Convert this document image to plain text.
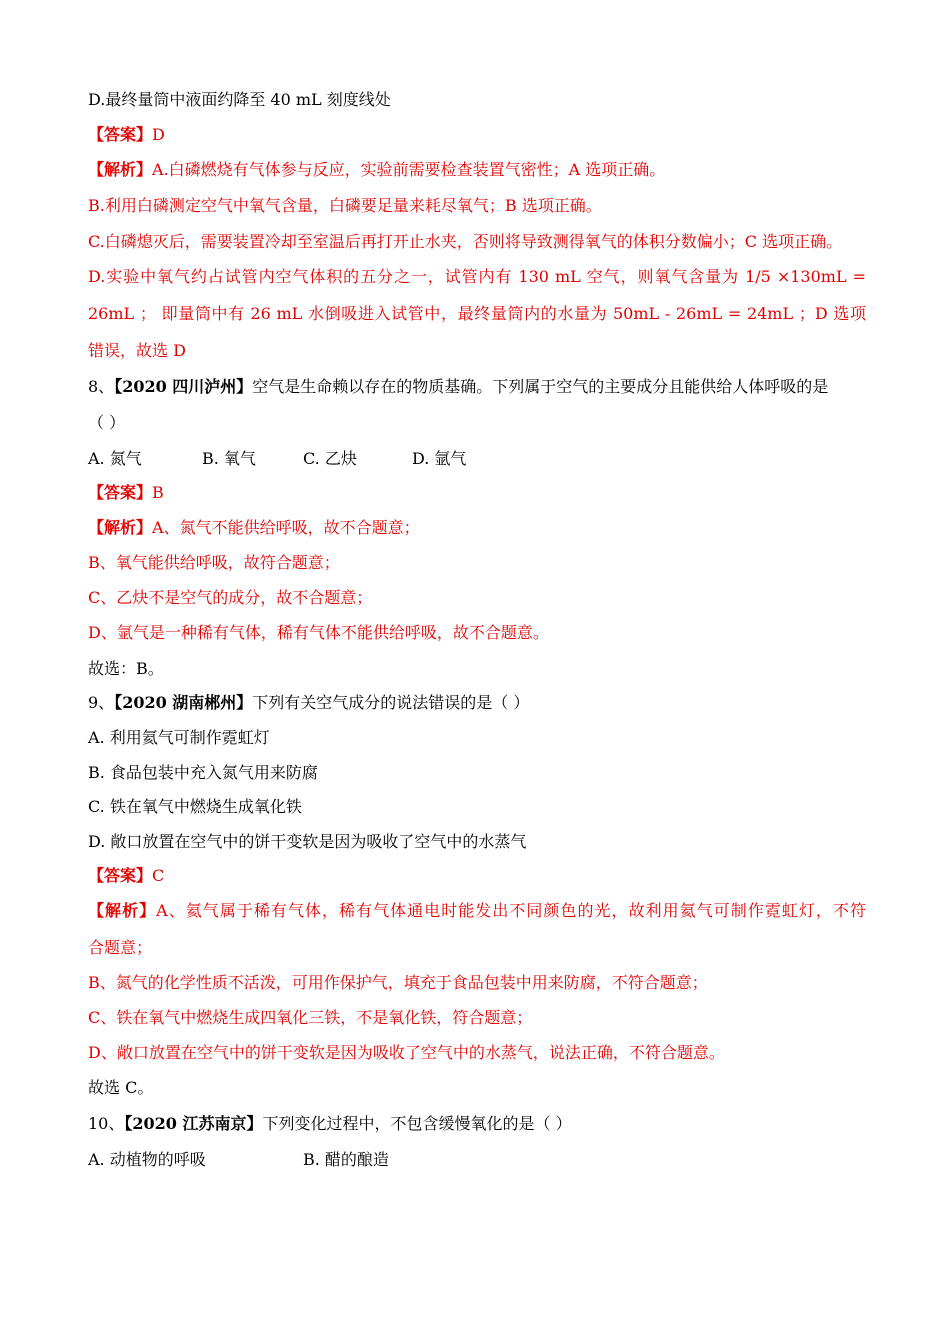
D.最终量筒中液面约降至 40 mL 刻度线处
【答案】D
【解析】A.白磷燃烧有气体参与反应，实验前需要检查装置气密性；A 选项正确。
B.利用白磷测定空气中氧气含量，白磷要足量来耗尽氧气；B 选项正确。
C.白磷熄灭后，需要装置冷却至室温后再打开止水夹，否则将导致测得氧气的体积分数偏小；C 选项正确。
D.实验中氧气约占试管内空气体积的五分之一，试管内有 130 mL 空气，则氧气含量为 1/5 ×130mL =
26mL ； 即量筒中有 26 mL 水倒吸进入试管中，最终量筒内的水量为 50mL - 26mL = 24mL ；D 选项
错误，故选 D
8、【2020 四川泸州】空气是生命赖以存在的物质基确。下列属于空气的主要成分且能供给人体呼吸的是
（ ）
A. 氮气	B. 氧气	C. 乙炔	D. 氩气
【答案】B
【解析】A、氮气不能供给呼吸，故不合题意；
B、氧气能供给呼吸，故符合题意；
C、乙炔不是空气的成分，故不合题意；
D、氩气是一种稀有气体，稀有气体不能供给呼吸，故不合题意。
故选：B。
9、【2020 湖南郴州】下列有关空气成分的说法错误的是（ ）
A. 利用氦气可制作霓虹灯
B. 食品包装中充入氮气用来防腐
C. 铁在氧气中燃烧生成氧化铁
D. 敞口放置在空气中的饼干变软是因为吸收了空气中的水蒸气
【答案】C
【解析】A、氦气属于稀有气体，稀有气体通电时能发出不同颜色的光，故利用氦气可制作霓虹灯，不符
合题意；
B、氮气的化学性质不活泼，可用作保护气，填充于食品包装中用来防腐，不符合题意；
C、铁在氧气中燃烧生成四氧化三铁，不是氧化铁，符合题意；
D、敞口放置在空气中的饼干变软是因为吸收了空气中的水蒸气，说法正确，不符合题意。
故选 C。
10、【2020 江苏南京】下列变化过程中，不包含缓慢氧化的是（ ）
A. 动植物的呼吸	B. 醋的酿造
